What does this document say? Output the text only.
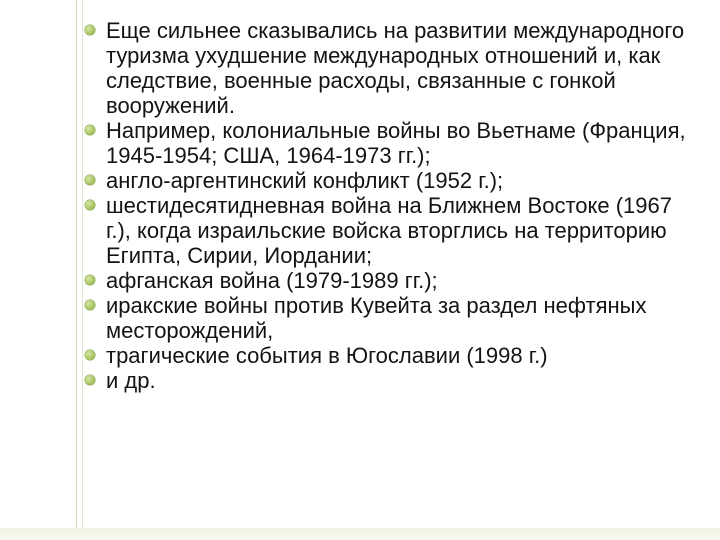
Еще сильнее сказывались на развитии международного туризма ухудшение международных отношений и, как следствие, военные расходы, связанные с гонкой вооружений.
Например, колониальные войны во Вьетнаме (Франция, 1945-1954; США, 1964-1973 гг.);
англо-аргентинский конфликт (1952 г.);
шестидесятидневная война на Ближнем Востоке (1967 г.), когда израильские войска вторглись на территорию Египта, Сирии, Иордании;
афганская война (1979-1989 гг.);
иракские войны против Кувейта за раздел нефтяных месторождений,
трагические события в Югославии (1998 г.)
и др.
